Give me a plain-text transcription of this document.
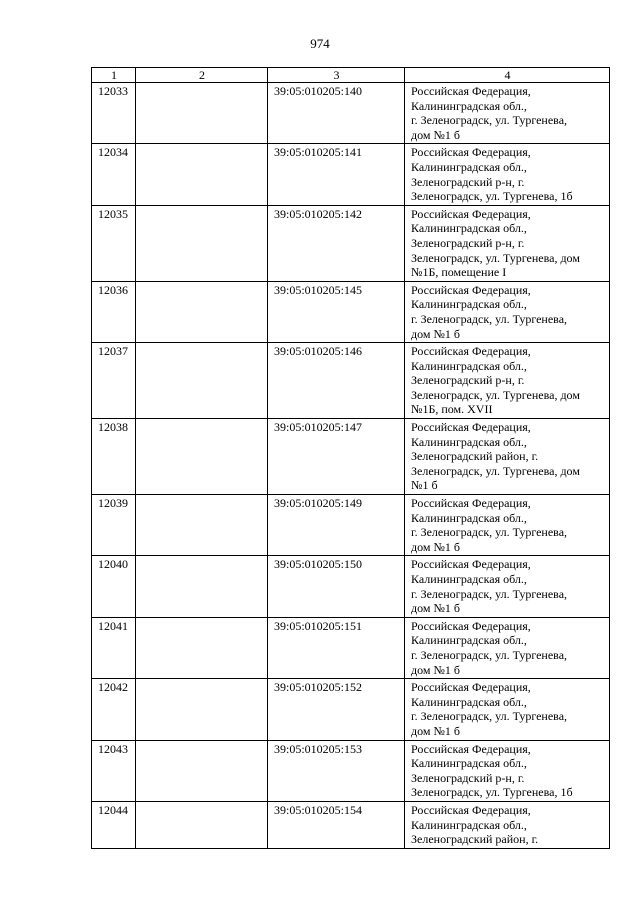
974
1	2	3	4
12033		39:05:010205:140	Российская Федерация,
Калининградская обл.,
г. Зеленоградск, ул. Тургенева,
дом №1 б

12034		39:05:010205:141	Российская Федерация,
Калининградская обл.,
Зеленоградский р-н, г.
Зеленоградск, ул. Тургенева, 1б

12035		39:05:010205:142	Российская Федерация,
Калининградская обл.,
Зеленоградский р-н, г.
Зеленоградск, ул. Тургенева, дом
№1Б, помещение I

12036		39:05:010205:145	Российская Федерация,
Калининградская обл.,
г. Зеленоградск, ул. Тургенева,
дом №1 б

12037		39:05:010205:146	Российская Федерация,
Калининградская обл.,
Зеленоградский р-н, г.
Зеленоградск, ул. Тургенева, дом
№1Б, пом. XVII

12038		39:05:010205:147	Российская Федерация,
Калининградская обл.,
Зеленоградский район, г.
Зеленоградск, ул. Тургенева, дом
№1 б

12039		39:05:010205:149	Российская Федерация,
Калининградская обл.,
г. Зеленоградск, ул. Тургенева,
дом №1 б

12040		39:05:010205:150	Российская Федерация,
Калининградская обл.,
г. Зеленоградск, ул. Тургенева,
дом №1 б

12041		39:05:010205:151	Российская Федерация,
Калининградская обл.,
г. Зеленоградск, ул. Тургенева,
дом №1 б

12042		39:05:010205:152	Российская Федерация,
Калининградская обл.,
г. Зеленоградск, ул. Тургенева,
дом №1 б

12043		39:05:010205:153	Российская Федерация,
Калининградская обл.,
Зеленоградский р-н, г.
Зеленоградск, ул. Тургенева, 1б

12044		39:05:010205:154	Российская Федерация,
Калининградская обл.,
Зеленоградский район, г.
